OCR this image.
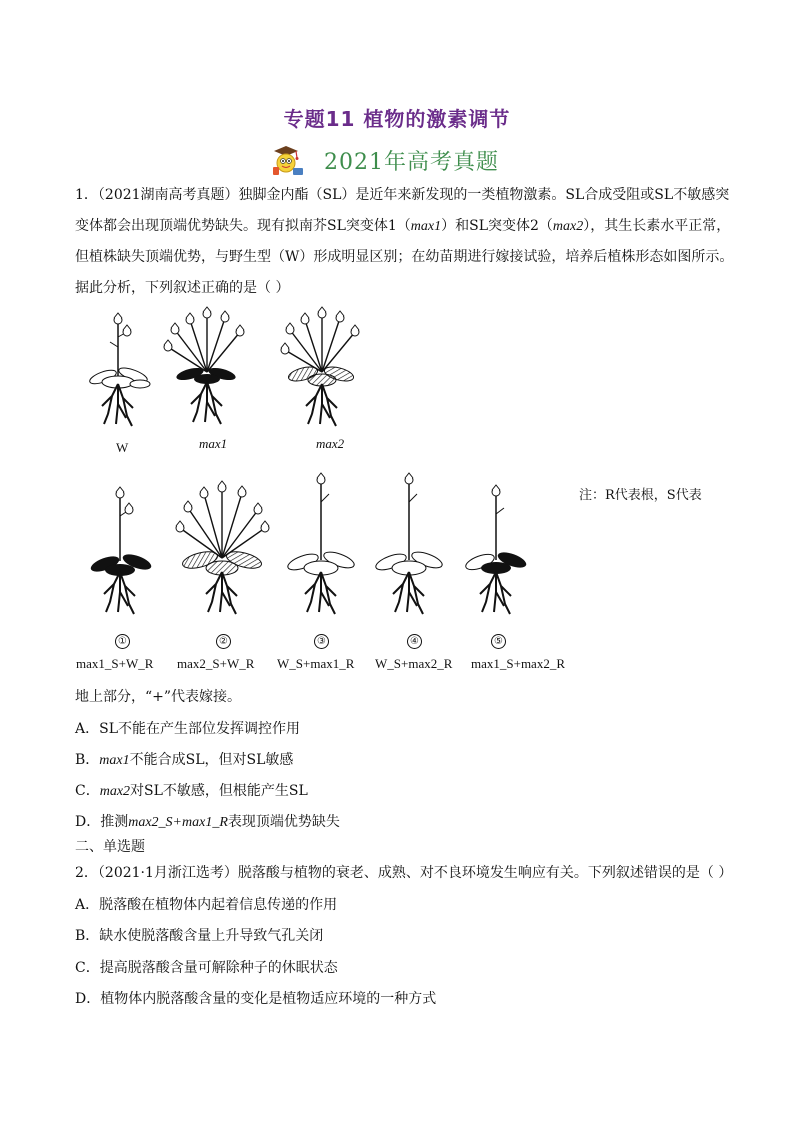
专题11 植物的激素调节
2021年高考真题
1．（2021湖南高考真题）独脚金内酯（SL）是近年来新发现的一类植物激素。SL合成受阻或SL不敏感突
变体都会出现顶端优势缺失。现有拟南芥SL突变体1（max1）和SL突变体2（max2），其生长素水平正常，
但植株缺失顶端优势，与野生型（W）形成明显区别；在幼苗期进行嫁接试验，培养后植株形态如图所示。
据此分析，下列叙述正确的是（ ）
W	max1	max2
注：R代表根，S代表
①	②	③	④	⑤
max1_S+W_R max2_S+W_R W_S+max1_R W_S+max2_R max1_S+max2_R
地上部分，“+”代表嫁接。
A．SL不能在产生部位发挥调控作用
B．max1不能合成SL，但对SL敏感
C．max2对SL不敏感，但根能产生SL
D．推测max2_S+max1_R表现顶端优势缺失
二、单选题
2．（2021·1月浙江选考）脱落酸与植物的衰老、成熟、对不良环境发生响应有关。下列叙述错误的是（ ）
A．脱落酸在植物体内起着信息传递的作用
B．缺水使脱落酸含量上升导致气孔关闭
C．提高脱落酸含量可解除种子的休眠状态
D．植物体内脱落酸含量的变化是植物适应环境的一种方式
